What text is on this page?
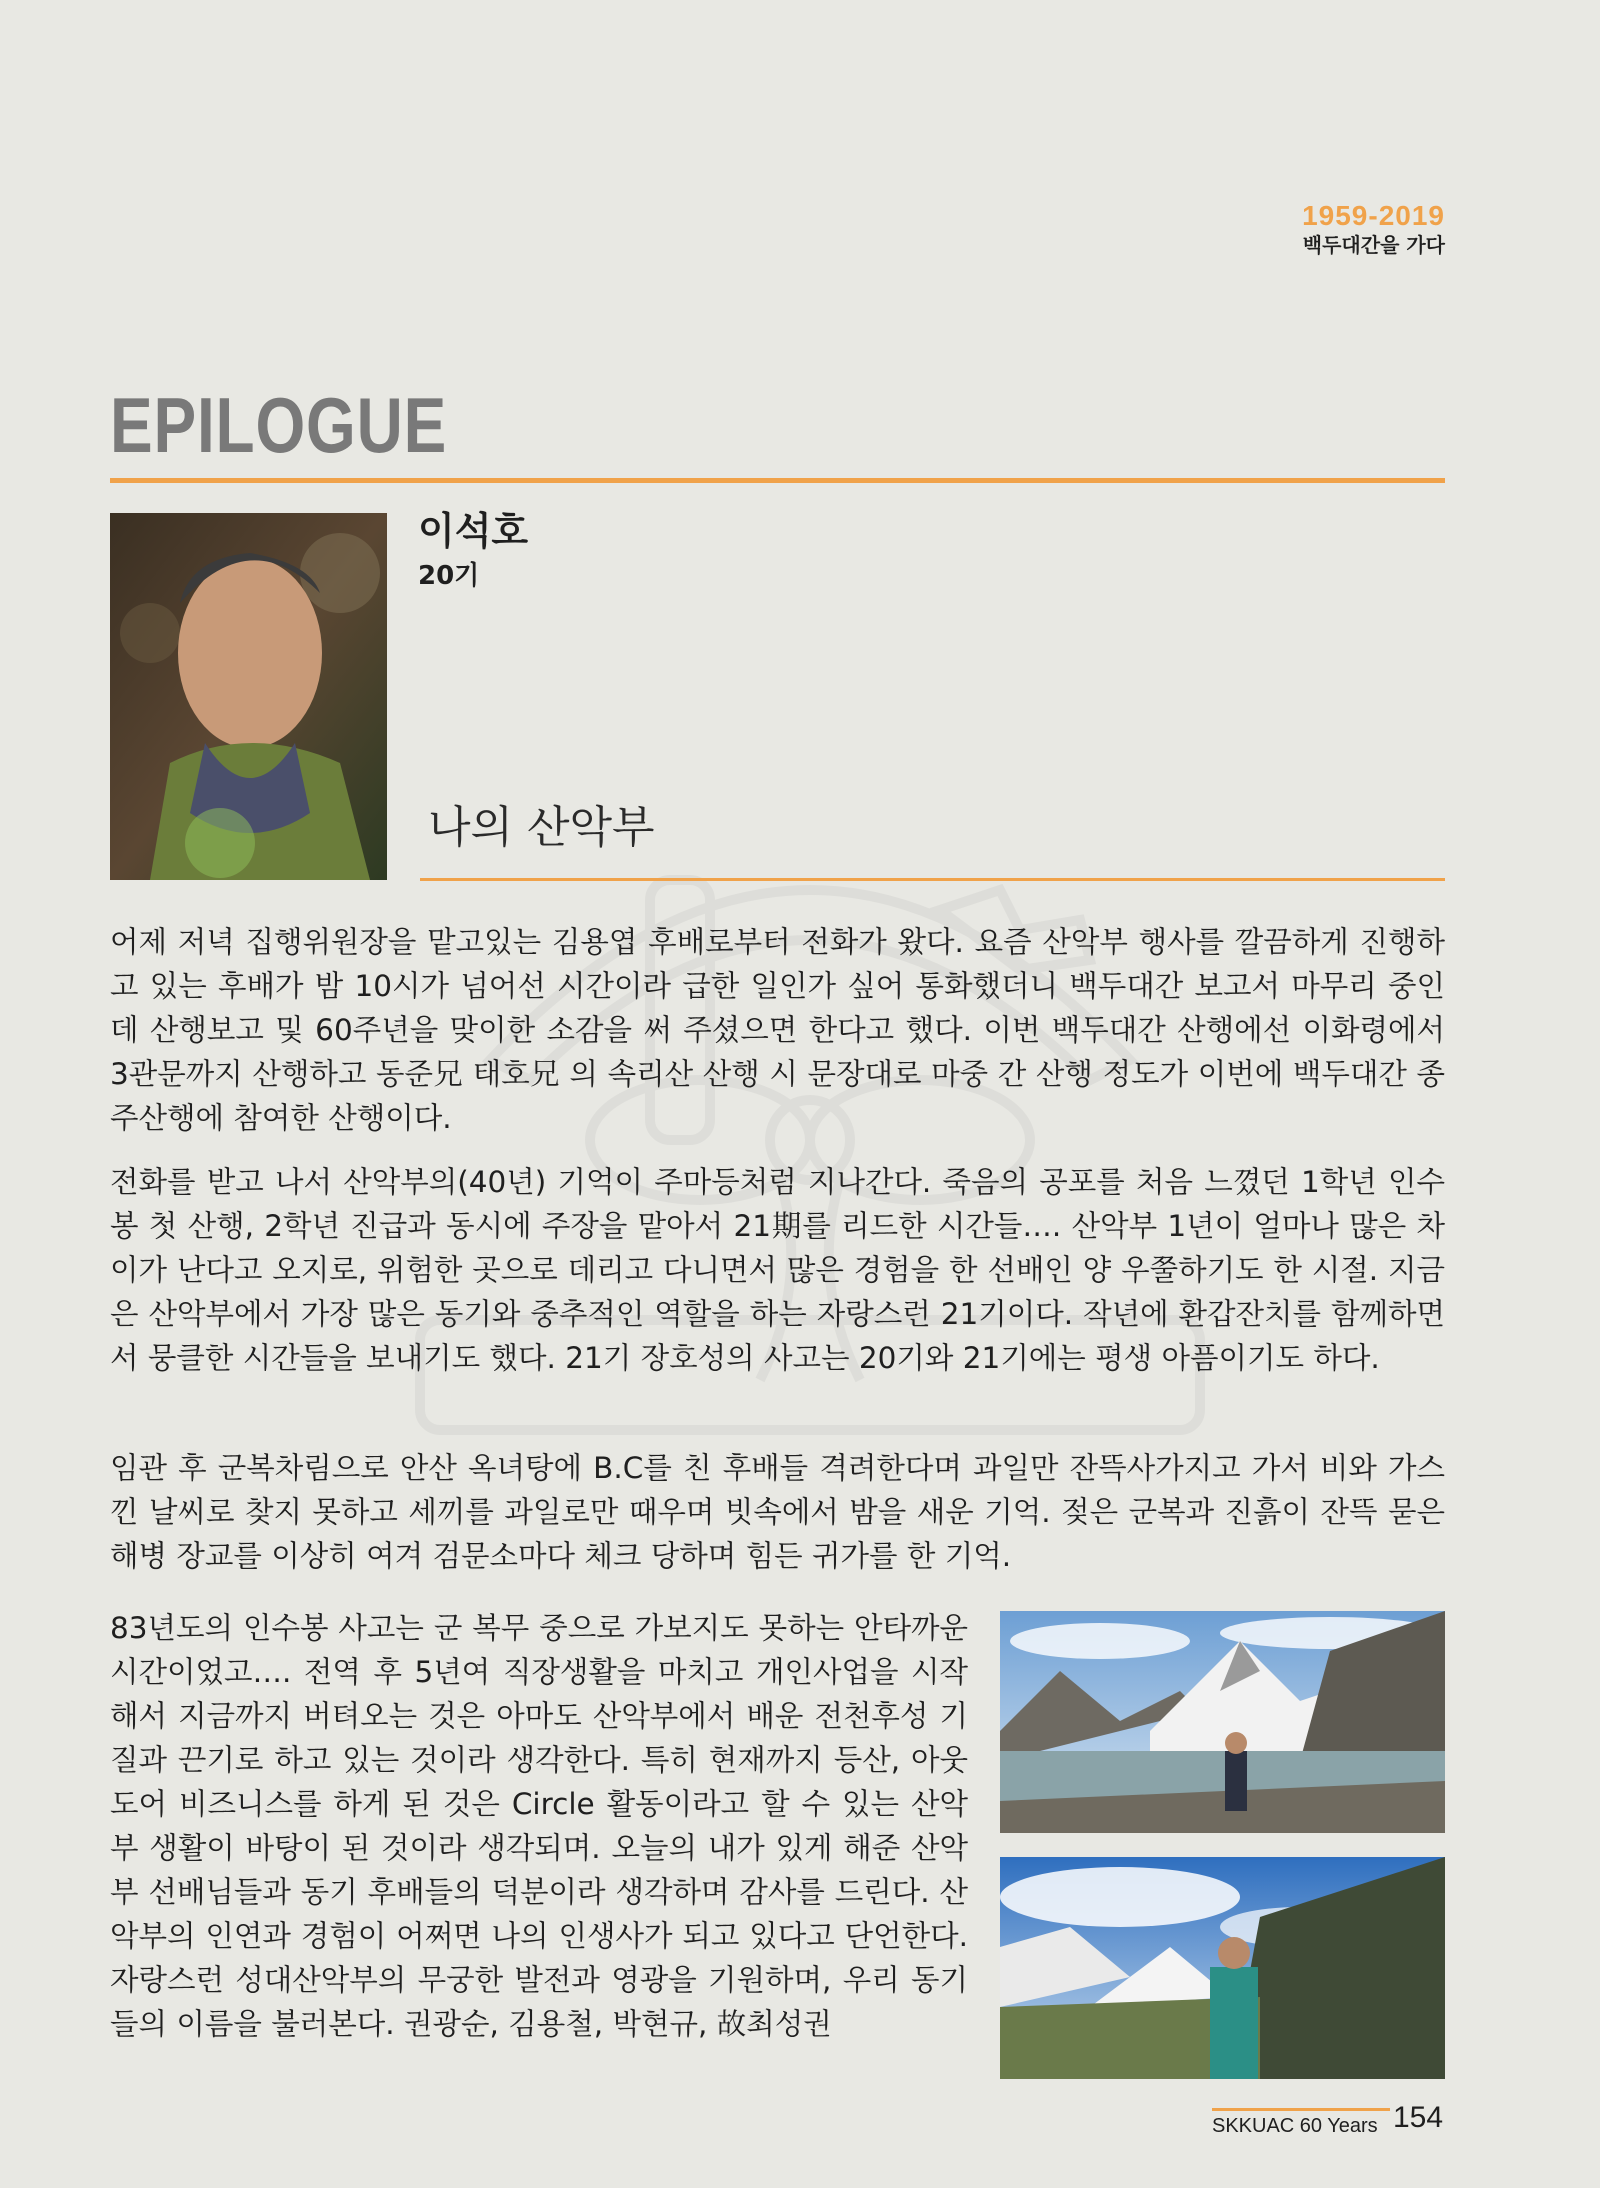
1959-2019
백두대간을 가다
EPILOGUE
이석호
20기
나의 산악부

어제 저녁 집행위원장을 맡고있는 김용엽 후배로부터 전화가 왔다. 요즘 산악부 행사를 깔끔하게 진행하고 있는 후배가 밤 10시가 넘어선 시간이라 급한 일인가 싶어 통화했더니 백두대간 보고서 마무리 중인데 산행보고 및 60주년을 맞이한 소감을 써 주셨으면 한다고 했다. 이번 백두대간 산행에선 이화령에서 3관문까지 산행하고 동준兄 태호兄 의 속리산 산행 시 문장대로 마중 간 산행 정도가 이번에 백두대간 종주산행에 참여한 산행이다.

전화를 받고 나서 산악부의(40년) 기억이 주마등처럼 지나간다. 죽음의 공포를 처음 느꼈던 1학년 인수봉 첫 산행, 2학년 진급과 동시에 주장을 맡아서 21期를 리드한 시간들…. 산악부 1년이 얼마나 많은 차이가 난다고 오지로, 위험한 곳으로 데리고 다니면서 많은 경험을 한 선배인 양 우쭐하기도 한 시절. 지금은 산악부에서 가장 많은 동기와 중추적인 역할을 하는 자랑스런 21기이다. 작년에 환갑잔치를 함께하면서 뭉클한 시간들을 보내기도 했다. 21기 장호성의 사고는 20기와 21기에는 평생 아픔이기도 하다.

임관 후 군복차림으로 안산 옥녀탕에 B.C를 친 후배들 격려한다며 과일만 잔뜩사가지고 가서 비와 가스낀 날씨로 찾지 못하고 세끼를 과일로만 때우며 빗속에서 밤을 새운 기억. 젖은 군복과 진흙이 잔뜩 묻은 해병 장교를 이상히 여겨 검문소마다 체크 당하며 힘든 귀가를 한 기억.

83년도의 인수봉 사고는 군 복무 중으로 가보지도 못하는 안타까운 시간이었고…. 전역 후 5년여 직장생활을 마치고 개인사업을 시작해서 지금까지 버텨오는 것은 아마도 산악부에서 배운 전천후성 기질과 끈기로 하고 있는 것이라 생각한다. 특히 현재까지 등산, 아웃도어 비즈니스를 하게 된 것은 Circle 활동이라고 할 수 있는 산악부 생활이 바탕이 된 것이라 생각되며. 오늘의 내가 있게 해준 산악부 선배님들과 동기 후배들의 덕분이라 생각하며 감사를 드린다. 산악부의 인연과 경험이 어쩌면 나의 인생사가 되고 있다고 단언한다. 자랑스런 성대산악부의 무궁한 발전과 영광을 기원하며, 우리 동기들의 이름을 불러본다. 권광순, 김용철, 박현규, 故최성권

SKKUAC 60 Years 154
